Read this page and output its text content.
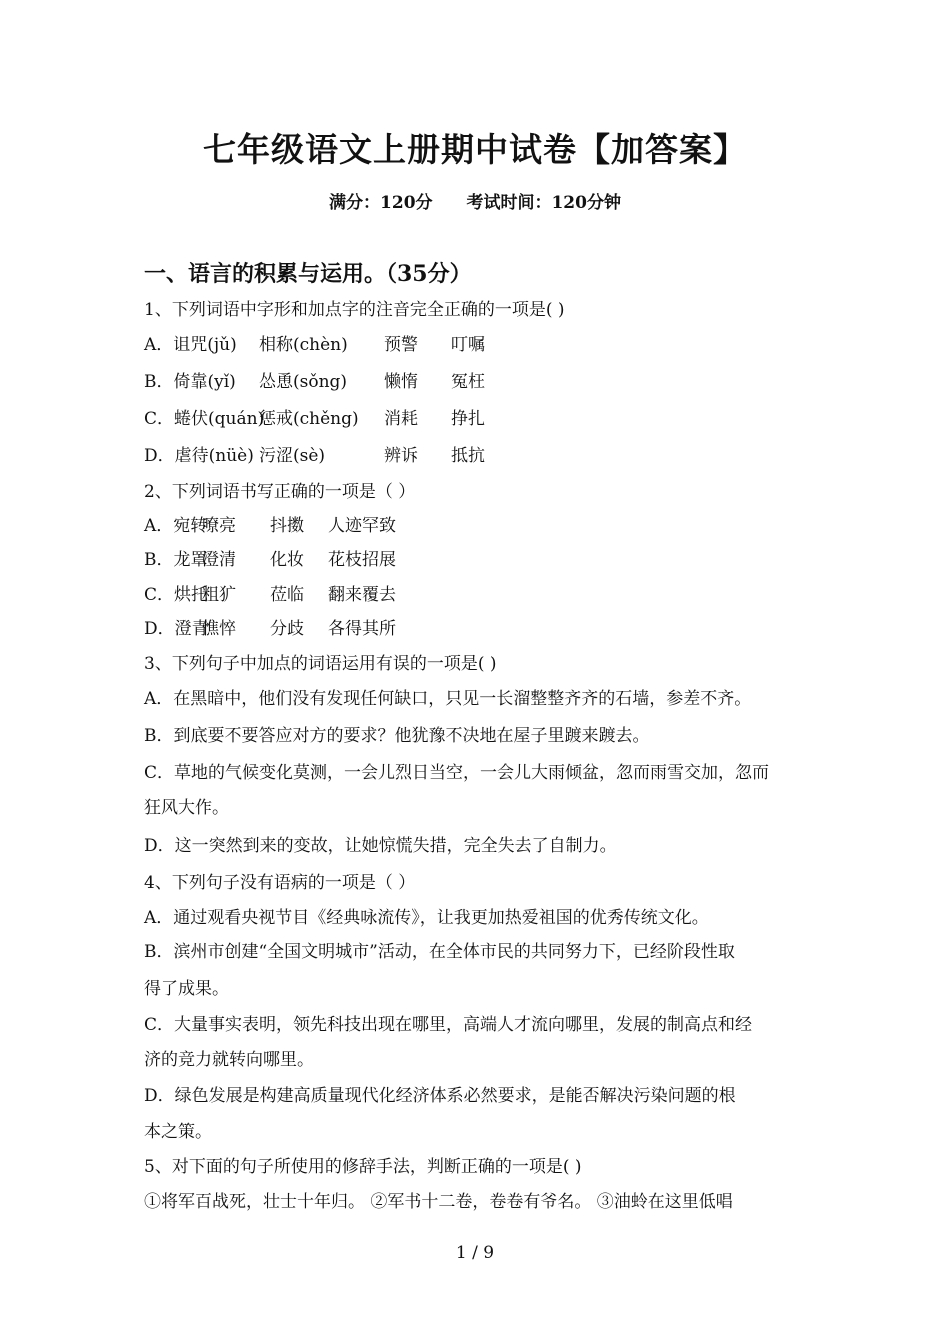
七年级语文上册期中试卷【加答案】
满分：120分 考试时间：120分钟
一、语言的积累与运用。（35分）
1、下列词语中字形和加点字的注音完全正确的一项是( )
A．诅咒(jǔ) 相称(chèn) 预警 叮嘱
B．倚靠(yǐ) 怂恿(sǒng) 懒惰 冤枉
C．蜷伏(quán)惩戒(chěng) 消耗 挣扎
D．虐待(nüè) 污涩(sè)	辨诉 抵抗
2、下列词语书写正确的一项是（ ）
A．宛转嘹亮 抖擞 人迹罕致
B．龙罩澄清 化妆 花枝招展
C．烘托粗犷 莅临 翻来覆去
D．澄青憔悴 分歧 各得其所
3、下列句子中加点的词语运用有误的一项是( )
A．在黑暗中，他们没有发现任何缺口，只见一长溜整整齐齐的石墙，参差不齐。
B．到底要不要答应对方的要求？他犹豫不决地在屋子里踱来踱去。
C．草地的气候变化莫测，一会儿烈日当空，一会儿大雨倾盆，忽而雨雪交加，忽而
狂风大作。
D．这一突然到来的变故，让她惊慌失措，完全失去了自制力。
4、下列句子没有语病的一项是（ ）
A．通过观看央视节目《经典咏流传》，让我更加热爱祖国的优秀传统文化。
B．滨州市创建“全国文明城市”活动，在全体市民的共同努力下，已经阶段性取
得了成果。
C．大量事实表明，领先科技出现在哪里，高端人才流向哪里，发展的制高点和经
济的竞力就转向哪里。
D．绿色发展是构建高质量现代化经济体系必然要求，是能否解决污染问题的根
本之策。
5、对下面的句子所使用的修辞手法，判断正确的一项是( )
①将军百战死，壮士十年归。 ②军书十二卷，卷卷有爷名。 ③油蛉在这里低唱
1 / 9
